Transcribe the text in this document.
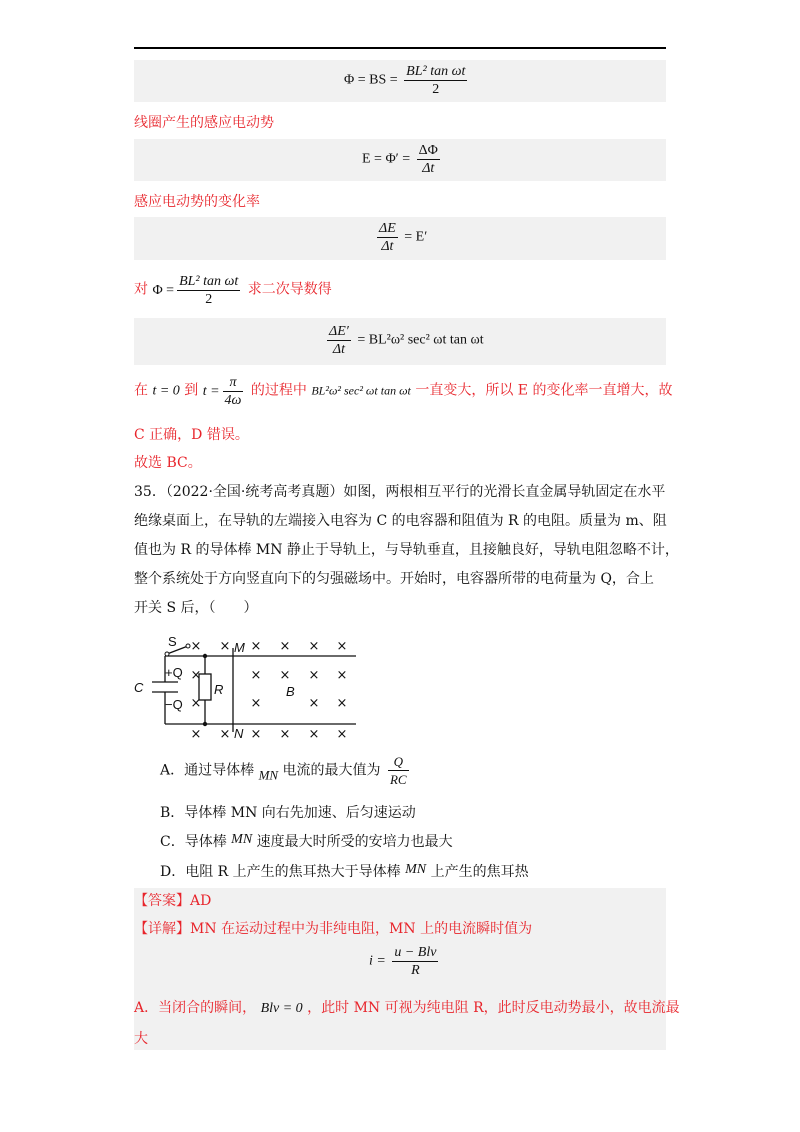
Φ = BS = $\frac{\text{BL² tan ωt}}{2}$
线圈产生的感应电动势
$E = \Phi' = \frac{\Delta\Phi}{\Delta t}$
感应电动势的变化率
$\frac{\Delta E}{\Delta t} = E'$
对 $\Phi = \frac{\text{BL² tan ωt}}{2}$ 求二次导数得
$\frac{\Delta E'}{\Delta t} = BL^2\omega^2$ sec² ωt tan ωt
在 t = 0 到 $t = \frac{\pi}{4\omega}$ 的过程中 BL²ω² sec² ωt tan ωt 一直变大，所以 E 的变化率一直增大，故
C 正确，D 错误。
故选 BC。
35．（2022·全国·统考高考真题）如图，两根相互平行的光滑长直金属导轨固定在水平
绝缘桌面上，在导轨的左端接入电容为 C 的电容器和阻值为 R 的电阻。质量为 m、阻
值也为 R 的导体棒 MN 静止于导轨上，与导轨垂直，且接触良好，导轨电阻忽略不计，
整个系统处于方向竖直向下的匀强磁场中。开始时，电容器所带的电荷量为 Q，合上
开关 S 后，（　　）
S
C
+Q
−Q
R
M
N
B
× × × × × ×
×	× × × ×
×	×	× ×
× × × × × ×
A．通过导体棒 MN 电流的最大值为 $\frac{Q}{RC}$
B．导体棒 MN 向右先加速、后匀速运动
C．导体棒 MN 速度最大时所受的安培力也最大
D．电阻 R 上产生的焦耳热大于导体棒 MN 上产生的焦耳热
【答案】AD
【详解】MN 在运动过程中为非纯电阻，MN 上的电流瞬时值为
$i = \frac{\text{u − Blv}}{R}$
A．当闭合的瞬间， Blv = 0 ，此时 MN 可视为纯电阻 R，此时反电动势最小，故电流最
大
